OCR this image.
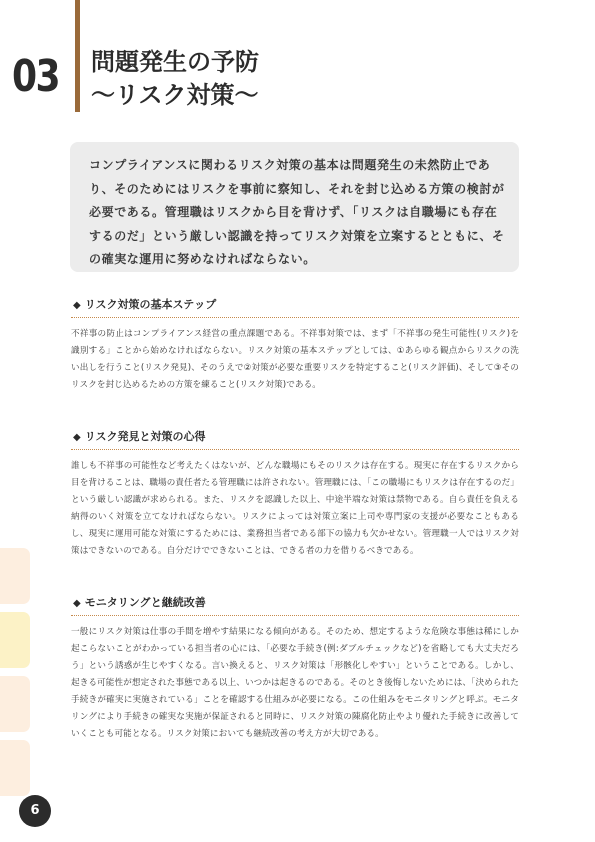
03 問題発生の予防
〜リスク対策〜

コンプライアンスに関わるリスク対策の基本は問題発生の未然防止であり、そのためにはリスクを事前に察知し、それを封じ込める方策の検討が必要である。管理職はリスクから目を背けず、「リスクは自職場にも存在するのだ」という厳しい認識を持ってリスク対策を立案するとともに、その確実な運用に努めなければならない。

◆ リスク対策の基本ステップ

不祥事の防止はコンプライアンス経営の重点課題である。不祥事対策では、まず「不祥事の発生可能性(リスク)を識別する」ことから始めなければならない。リスク対策の基本ステップとしては、①あらゆる観点からリスクの洗い出しを行うこと(リスク発見)、そのうえで②対策が必要な重要リスクを特定すること(リスク評価)、そして③そのリスクを封じ込めるための方策を練ること(リスク対策)である。

◆ リスク発見と対策の心得

誰しも不祥事の可能性など考えたくはないが、どんな職場にもそのリスクは存在する。現実に存在するリスクから目を背けることは、職場の責任者たる管理職には許されない。管理職には、「この職場にもリスクは存在するのだ」という厳しい認識が求められる。また、リスクを認識した以上、中途半端な対策は禁物である。自ら責任を負える納得のいく対策を立てなければならない。リスクによっては対策立案に上司や専門家の支援が必要なこともあるし、現実に運用可能な対策にするためには、業務担当者である部下の協力も欠かせない。管理職一人ではリスク対策はできないのである。自分だけでできないことは、できる者の力を借りるべきである。

◆ モニタリングと継続改善

一般にリスク対策は仕事の手間を増やす結果になる傾向がある。そのため、想定するような危険な事態は稀にしか起こらないことがわかっている担当者の心には、「必要な手続き(例:ダブルチェックなど)を省略しても大丈夫だろう」という誘惑が生じやすくなる。言い換えると、リスク対策は「形骸化しやすい」ということである。しかし、起きる可能性が想定された事態である以上、いつかは起きるのである。そのとき後悔しないためには、「決められた手続きが確実に実施されている」ことを確認する仕組みが必要になる。この仕組みをモニタリングと呼ぶ。モニタリングにより手続きの確実な実施が保証されると同時に、リスク対策の陳腐化防止やより優れた手続きに改善していくことも可能となる。リスク対策においても継続改善の考え方が大切である。

6
